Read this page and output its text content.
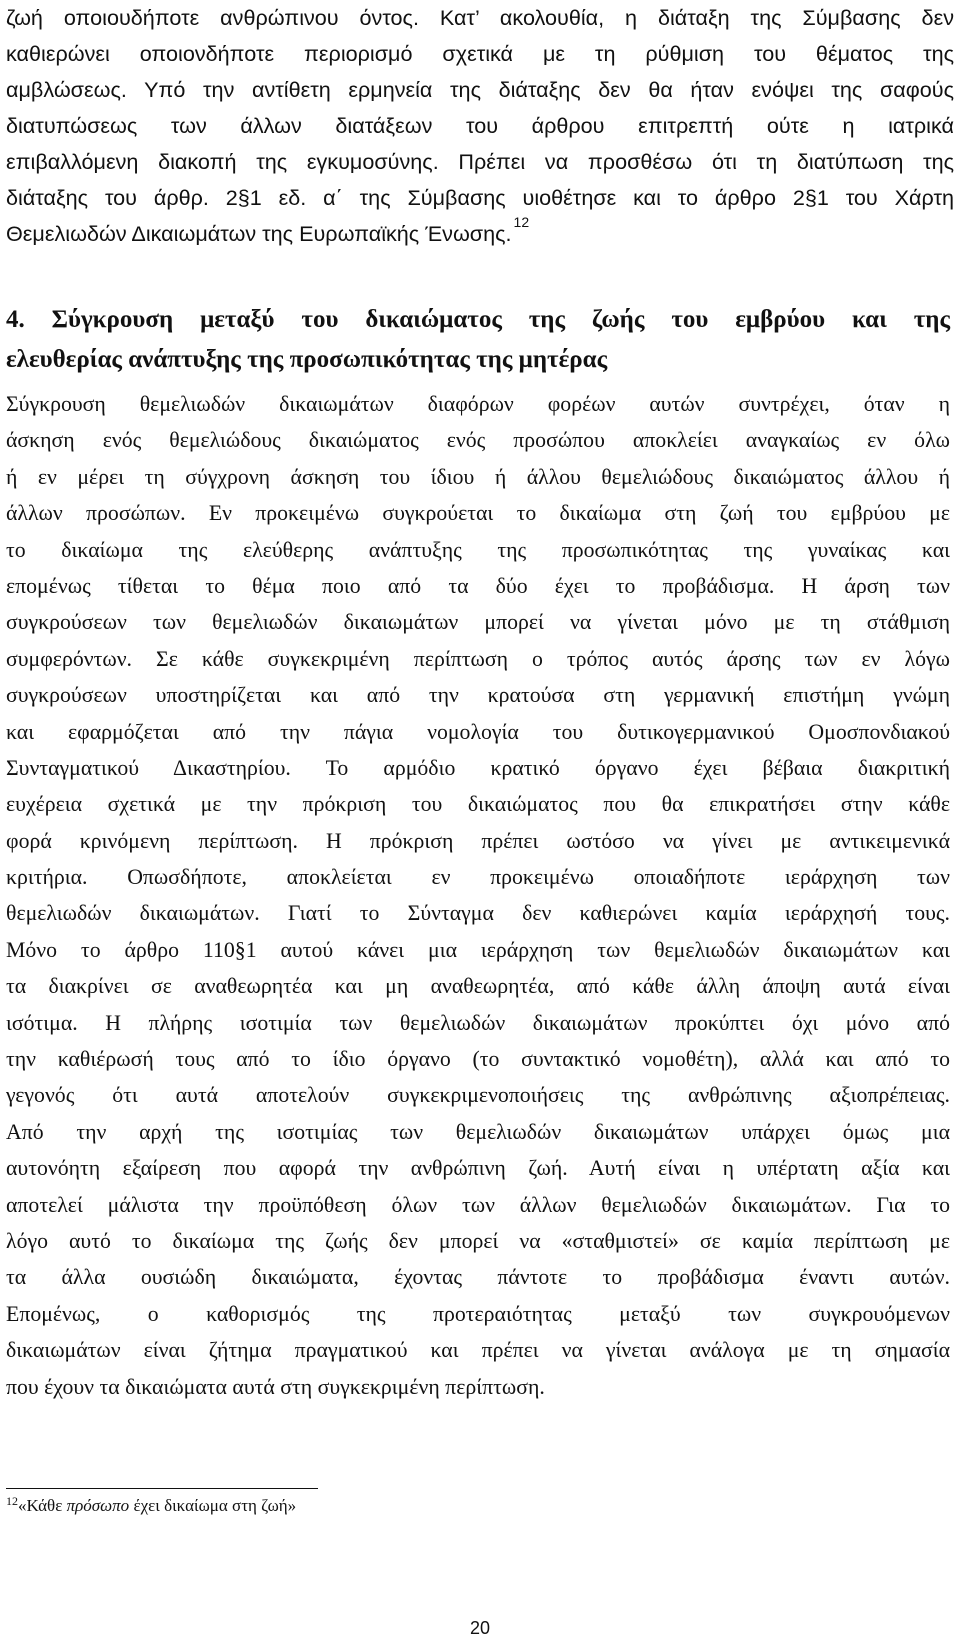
ζωή οποιουδήποτε ανθρώπινου όντος. Κατ’ ακολουθία, η διάταξη της Σύμβασης δεν
καθιερώνει οποιονδήποτε περιορισμό σχετικά με τη ρύθμιση του θέματος της
αμβλώσεως. Υπό την αντίθετη ερμηνεία της διάταξης δεν θα ήταν ενόψει της σαφούς
διατυπώσεως των άλλων διατάξεων του άρθρου επιτρεπτή ούτε η ιατρικά
επιβαλλόμενη διακοπή της εγκυμοσύνης. Πρέπει να προσθέσω ότι τη διατύπωση της
διάταξης του άρθρ. 2§1 εδ. α΄ της Σύμβασης υιοθέτησε και το άρθρο 2§1 του Χάρτη
Θεμελιωδών Δικαιωμάτων της Ευρωπαϊκής Ένωσης. $^{12}$
4. Σύγκρουση μεταξύ του δικαιώματος της ζωής του εμβρύου και της
ελευθερίας ανάπτυξης της προσωπικότητας της μητέρας
Σύγκρουση θεμελιωδών δικαιωμάτων διαφόρων φορέων αυτών συντρέχει, όταν η
άσκηση ενός θεμελιώδους δικαιώματος ενός προσώπου αποκλείει αναγκαίως εν όλω
ή εν μέρει τη σύγχρονη άσκηση του ίδιου ή άλλου θεμελιώδους δικαιώματος άλλου ή
άλλων προσώπων. Εν προκειμένω συγκρούεται το δικαίωμα στη ζωή του εμβρύου με
το δικαίωμα της ελεύθερης ανάπτυξης της προσωπικότητας της γυναίκας και
επομένως τίθεται το θέμα ποιο από τα δύο έχει το προβάδισμα. Η άρση των
συγκρούσεων των θεμελιωδών δικαιωμάτων μπορεί να γίνεται μόνο με τη στάθμιση
συμφερόντων. Σε κάθε συγκεκριμένη περίπτωση ο τρόπος αυτός άρσης των εν λόγω
συγκρούσεων υποστηρίζεται και από την κρατούσα στη γερμανική επιστήμη γνώμη
και εφαρμόζεται από την πάγια νομολογία του δυτικογερμανικού Ομοσπονδιακού
Συνταγματικού Δικαστηρίου. Το αρμόδιο κρατικό όργανο έχει βέβαια διακριτική
ευχέρεια σχετικά με την πρόκριση του δικαιώματος που θα επικρατήσει στην κάθε
φορά κρινόμενη περίπτωση. Η πρόκριση πρέπει ωστόσο να γίνει με αντικειμενικά
κριτήρια. Οπωσδήποτε, αποκλείεται εν προκειμένω οποιαδήποτε ιεράρχηση των
θεμελιωδών δικαιωμάτων. Γιατί το Σύνταγμα δεν καθιερώνει καμία ιεράρχησή τους.
Μόνο το άρθρο 110§1 αυτού κάνει μια ιεράρχηση των θεμελιωδών δικαιωμάτων και
τα διακρίνει σε αναθεωρητέα και μη αναθεωρητέα, από κάθε άλλη άποψη αυτά είναι
ισότιμα. Η πλήρης ισοτιμία των θεμελιωδών δικαιωμάτων προκύπτει όχι μόνο από
την καθιέρωσή τους από το ίδιο όργανο (το συντακτικό νομοθέτη), αλλά και από το
γεγονός ότι αυτά αποτελούν συγκεκριμενοποιήσεις της ανθρώπινης αξιοπρέπειας.
Από την αρχή της ισοτιμίας των θεμελιωδών δικαιωμάτων υπάρχει όμως μια
αυτονόητη εξαίρεση που αφορά την ανθρώπινη ζωή. Αυτή είναι η υπέρτατη αξία και
αποτελεί μάλιστα την προϋπόθεση όλων των άλλων θεμελιωδών δικαιωμάτων. Για το
λόγο αυτό το δικαίωμα της ζωής δεν μπορεί να «σταθμιστεί» σε καμία περίπτωση με
τα άλλα ουσιώδη δικαιώματα, έχοντας πάντοτε το προβάδισμα έναντι αυτών.
Επομένως, ο καθορισμός της προτεραιότητας μεταξύ των συγκρουόμενων
δικαιωμάτων είναι ζήτημα πραγματικού και πρέπει να γίνεται ανάλογα με τη σημασία
που έχουν τα δικαιώματα αυτά στη συγκεκριμένη περίπτωση.

$^{12}$«Κάθε πρόσωπο έχει δικαίωμα στη ζωή»

20
